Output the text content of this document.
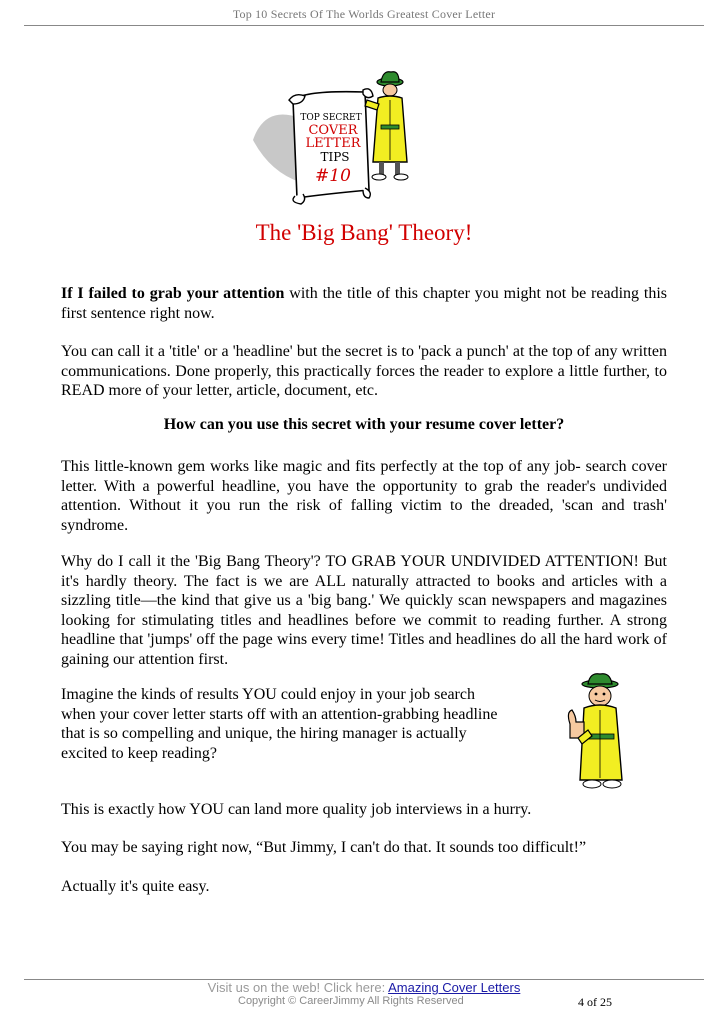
Top 10 Secrets Of The Worlds Greatest Cover Letter
TOP SECRET
COVER
LETTER
TIPS
#10
The 'Big Bang' Theory!

If I failed to grab your attention with the title of this chapter you might not be reading this first sentence right now.

You can call it a 'title' or a 'headline' but the secret is to 'pack a punch' at the top of any written communications. Done properly, this practically forces the reader to explore a little further, to READ more of your letter, article, document, etc.

How can you use this secret with your resume cover letter?

This little-known gem works like magic and fits perfectly at the top of any job- search cover letter. With a powerful headline, you have the opportunity to grab the reader's undivided attention. Without it you run the risk of falling victim to the dreaded, 'scan and trash' syndrome.

Why do I call it the 'Big Bang Theory'? TO GRAB YOUR UNDIVIDED ATTENTION! But it's hardly theory. The fact is we are ALL naturally attracted to books and articles with a sizzling title—the kind that give us a 'big bang.' We quickly scan newspapers and magazines looking for stimulating titles and headlines before we commit to reading further. A strong headline that 'jumps' off the page wins every time! Titles and headlines do all the hard work of gaining our attention first.

Imagine the kinds of results YOU could enjoy in your job search when your cover letter starts off with an attention-grabbing headline that is so compelling and unique, the hiring manager is actually excited to keep reading?

This is exactly how YOU can land more quality job interviews in a hurry.

You may be saying right now, “But Jimmy, I can't do that. It sounds too difficult!”

Actually it's quite easy.

Visit us on the web! Click here: Amazing Cover Letters
Copyright © CareerJimmy All Rights Reserved	4 of 25
